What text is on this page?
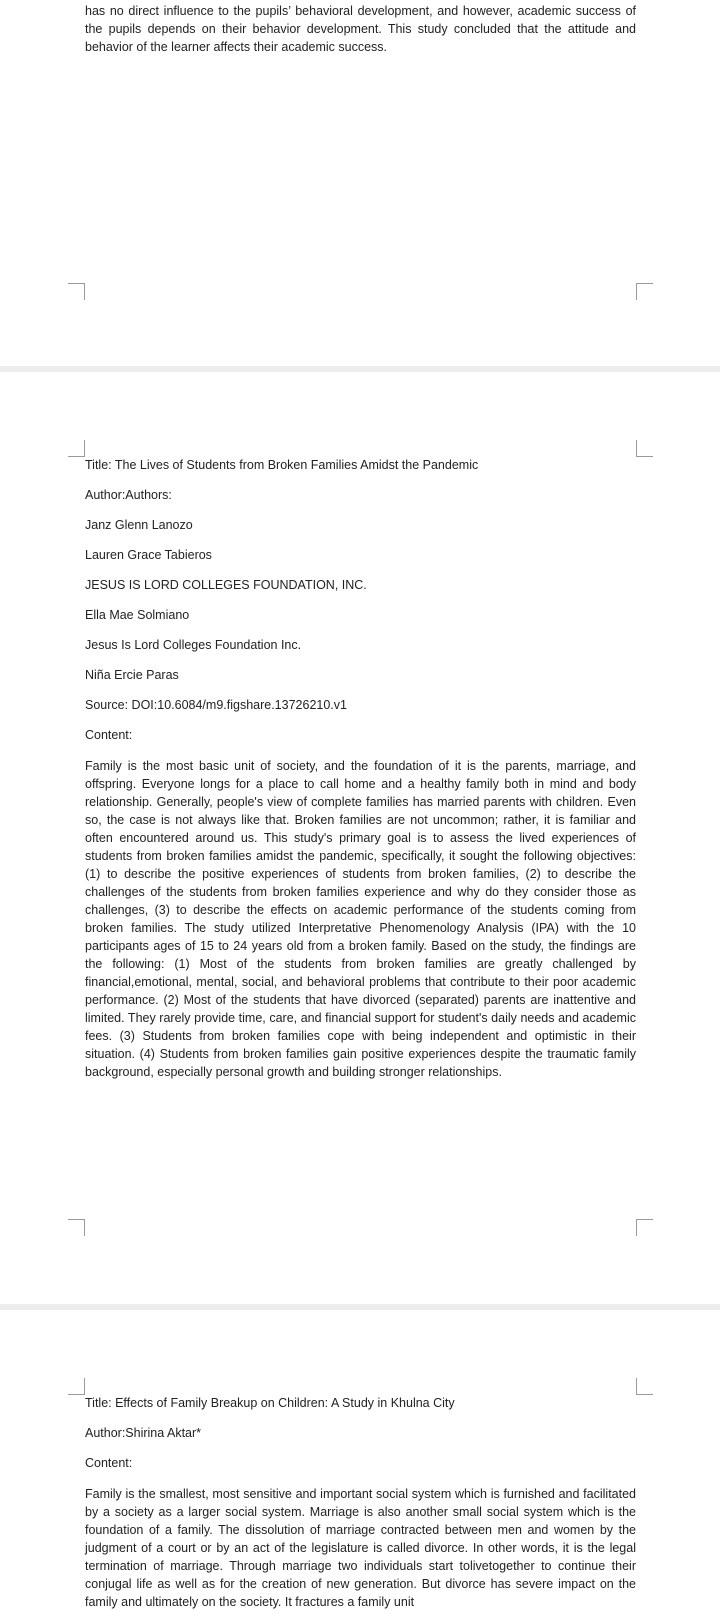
has no direct influence to the pupils’ behavioral development, and however, academic success of the pupils depends on their behavior development. This study concluded that the attitude and behavior of the learner affects their academic success.

Title: The Lives of Students from Broken Families Amidst the Pandemic

Author:Authors:

Janz Glenn Lanozo

Lauren Grace Tabieros

JESUS IS LORD COLLEGES FOUNDATION, INC.

Ella Mae Solmiano

Jesus Is Lord Colleges Foundation Inc.

Niña Ercie Paras

Source: DOI:10.6084/m9.figshare.13726210.v1

Content:

Family is the most basic unit of society, and the foundation of it is the parents, marriage, and offspring. Everyone longs for a place to call home and a healthy family both in mind and body relationship. Generally, people's view of complete families has married parents with children. Even so, the case is not always like that. Broken families are not uncommon; rather, it is familiar and often encountered around us. This study's primary goal is to assess the lived experiences of students from broken families amidst the pandemic, specifically, it sought the following objectives: (1) to describe the positive experiences of students from broken families, (2) to describe the challenges of the students from broken families experience and why do they consider those as challenges, (3) to describe the effects on academic performance of the students coming from broken families. The study utilized Interpretative Phenomenology Analysis (IPA) with the 10 participants ages of 15 to 24 years old from a broken family. Based on the study, the findings are the following: (1) Most of the students from broken families are greatly challenged by financial,emotional, mental, social, and behavioral problems that contribute to their poor academic performance. (2) Most of the students that have divorced (separated) parents are inattentive and limited. They rarely provide time, care, and financial support for student's daily needs and academic fees. (3) Students from broken families cope with being independent and optimistic in their situation. (4) Students from broken families gain positive experiences despite the traumatic family background, especially personal growth and building stronger relationships.

Title: Effects of Family Breakup on Children: A Study in Khulna City

Author:Shirina Aktar*

Content:

Family is the smallest, most sensitive and important social system which is furnished and facilitated by a society as a larger social system. Marriage is also another small social system which is the foundation of a family. The dissolution of marriage contracted between men and women by the judgment of a court or by an act of the legislature is called divorce. In other words, it is the legal termination of marriage. Through marriage two individuals start tolivetogether to continue their conjugal life as well as for the creation of new generation. But divorce has severe impact on the family and ultimately on the society. It fractures a family unit
